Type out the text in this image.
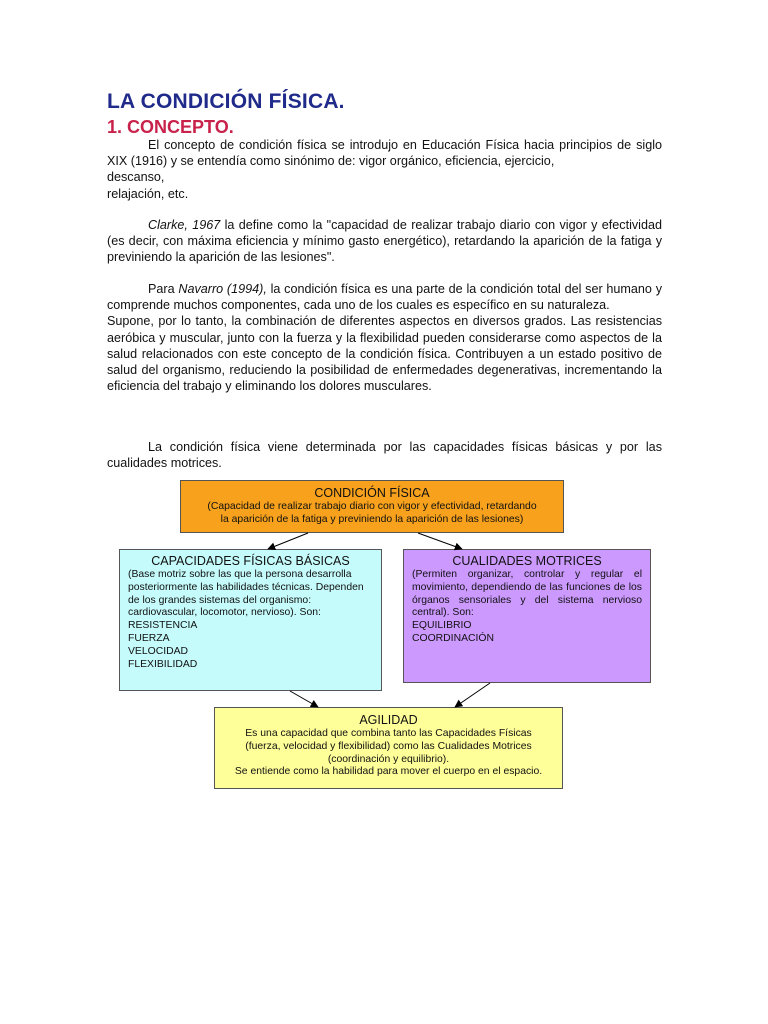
LA CONDICIÓN FÍSICA.
1. CONCEPTO.

El concepto de condición física se introdujo en Educación Física hacia principios de siglo XIX (1916) y se entendía como sinónimo de: vigor orgánico, eficiencia, ejercicio,

descanso,

relajación, etc.

Clarke, 1967 la define como la "capacidad de realizar trabajo diario con vigor y efectividad (es decir, con máxima eficiencia y mínimo gasto energético), retardando la aparición de la fatiga y previniendo la aparición de las lesiones".

Para Navarro (1994), la condición física es una parte de la condición total del ser humano y comprende muchos componentes, cada uno de los cuales es específico en su naturaleza.

Supone, por lo tanto, la combinación de diferentes aspectos en diversos grados. Las resistencias aeróbica y muscular, junto con la fuerza y la flexibilidad pueden considerarse como aspectos de la salud relacionados con este concepto de la condición física. Contribuyen a un estado positivo de salud del organismo, reduciendo la posibilidad de enfermedades degenerativas, incrementando la eficiencia del trabajo y eliminando los dolores musculares.

La condición física viene determinada por las capacidades físicas básicas y por las cualidades motrices.

CONDICIÓN FÍSICA
(Capacidad de realizar trabajo diario con vigor y efectividad, retardando
la aparición de la fatiga y previniendo la aparición de las lesiones)
CAPACIDADES FÍSICAS BÁSICAS
(Base motriz sobre las que la persona desarrolla posteriormente las habilidades técnicas. Dependen de los grandes sistemas del organismo: cardiovascular, locomotor, nervioso). Son:
RESISTENCIA
FUERZA
VELOCIDAD
FLEXIBILIDAD
CUALIDADES MOTRICES
(Permiten organizar, controlar y regular el movimiento, dependiendo de las funciones de los órganos sensoriales y del sistema nervioso central). Son:
EQUILIBRIO
COORDINACIÓN
AGILIDAD
Es una capacidad que combina tanto las Capacidades Físicas
(fuerza, velocidad y flexibilidad) como las Cualidades Motrices
(coordinación y equilibrio).
Se entiende como la habilidad para mover el cuerpo en el espacio.
